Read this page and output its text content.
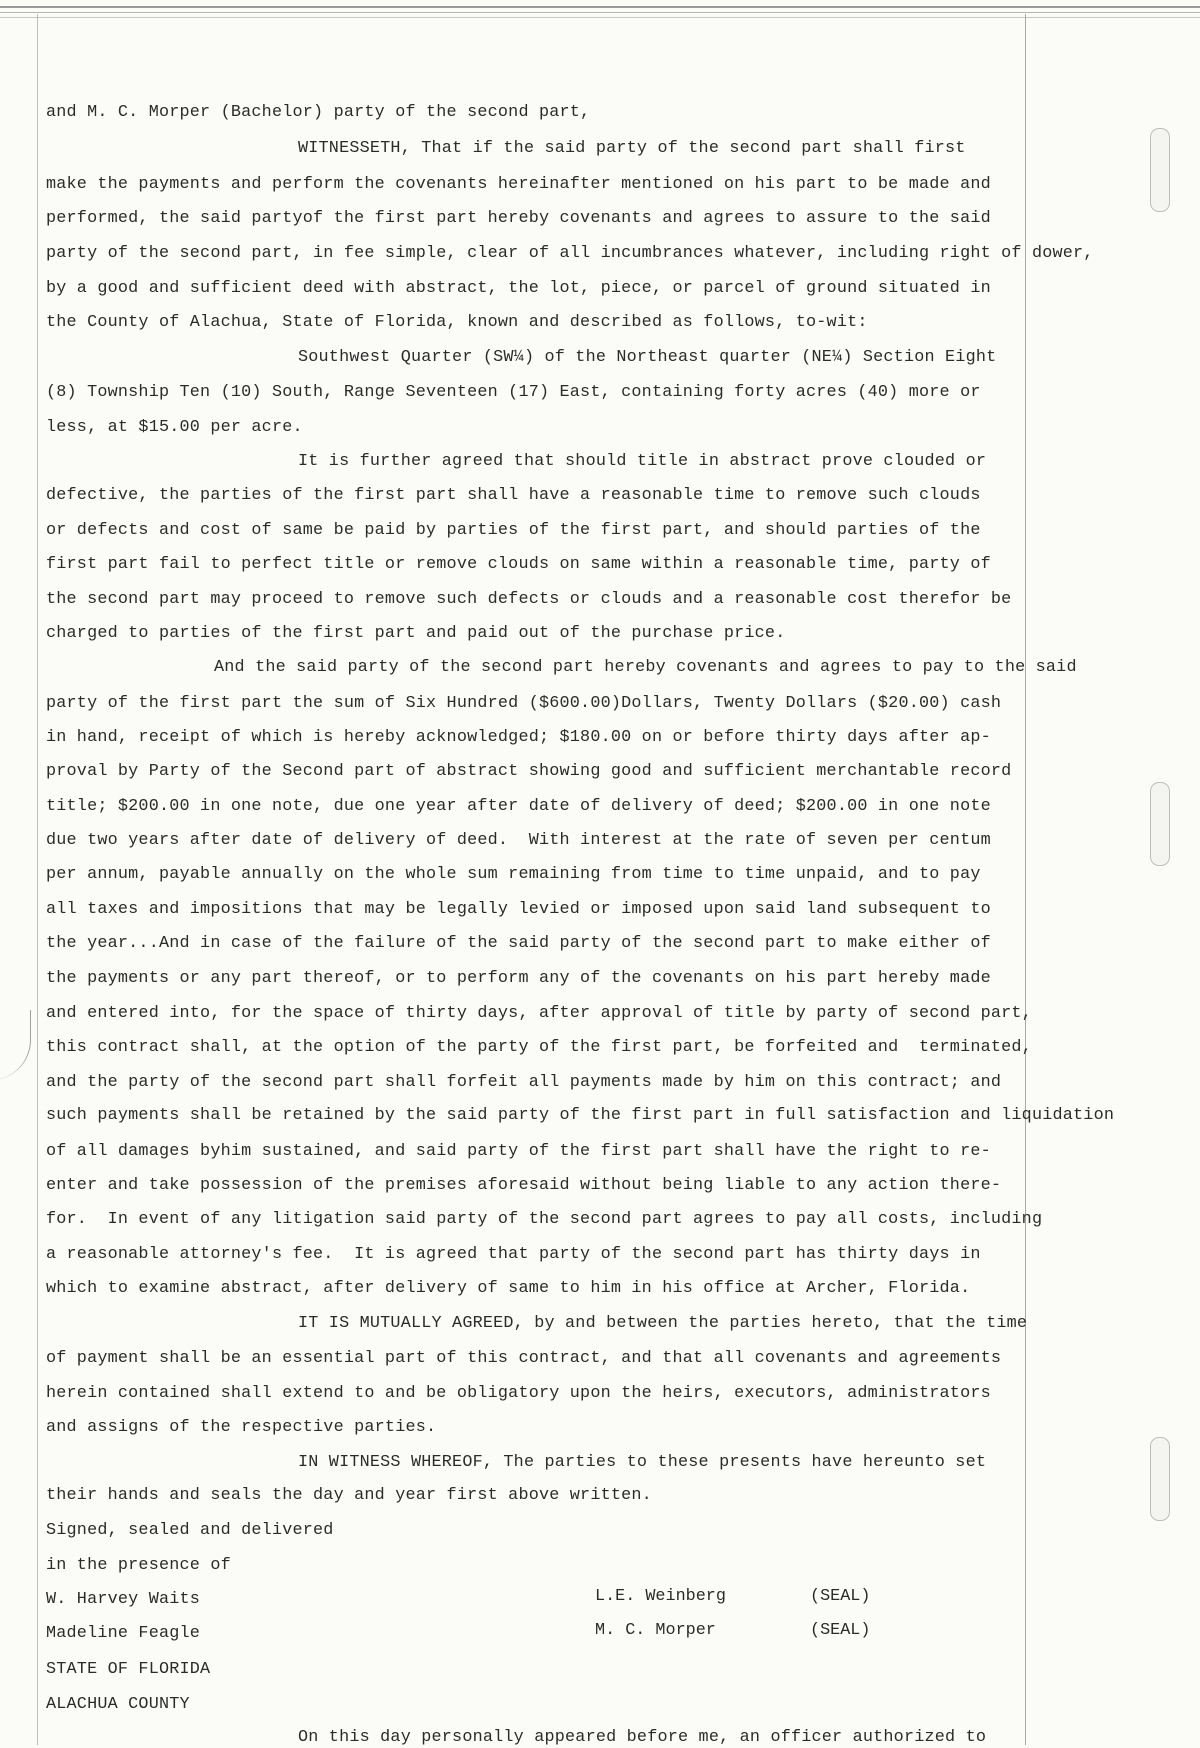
and M. C. Morper (Bachelor) party of the second part,
WITNESSETH, That if the said party of the second part shall first
make the payments and perform the covenants hereinafter mentioned on his part to be made and
performed, the said partyof the first part hereby covenants and agrees to assure to the said
party of the second part, in fee simple, clear of all incumbrances whatever, including right of dower,
by a good and sufficient deed with abstract, the lot, piece, or parcel of ground situated in
the County of Alachua, State of Florida, known and described as follows, to-wit:
Southwest Quarter (SW¼) of the Northeast quarter (NE¼) Section Eight
(8) Township Ten (10) South, Range Seventeen (17) East, containing forty acres (40) more or
less, at $15.00 per acre.
It is further agreed that should title in abstract prove clouded or
defective, the parties of the first part shall have a reasonable time to remove such clouds
or defects and cost of same be paid by parties of the first part, and should parties of the
first part fail to perfect title or remove clouds on same within a reasonable time, party of
the second part may proceed to remove such defects or clouds and a reasonable cost therefor be
charged to parties of the first part and paid out of the purchase price.
And the said party of the second part hereby covenants and agrees to pay to the said
party of the first part the sum of Six Hundred ($600.00)Dollars, Twenty Dollars ($20.00) cash
in hand, receipt of which is hereby acknowledged; $180.00 on or before thirty days after ap-
proval by Party of the Second part of abstract showing good and sufficient merchantable record
title; $200.00 in one note, due one year after date of delivery of deed; $200.00 in one note
due two years after date of delivery of deed.  With interest at the rate of seven per centum
per annum, payable annually on the whole sum remaining from time to time unpaid, and to pay
all taxes and impositions that may be legally levied or imposed upon said land subsequent to
the year...And in case of the failure of the said party of the second part to make either of
the payments or any part thereof, or to perform any of the covenants on his part hereby made
and entered into, for the space of thirty days, after approval of title by party of second part,
this contract shall, at the option of the party of the first part, be forfeited and  terminated,
and the party of the second part shall forfeit all payments made by him on this contract; and
such payments shall be retained by the said party of the first part in full satisfaction and liquidation
of all damages byhim sustained, and said party of the first part shall have the right to re-
enter and take possession of the premises aforesaid without being liable to any action there-
for.  In event of any litigation said party of the second part agrees to pay all costs, including
a reasonable attorney's fee.  It is agreed that party of the second part has thirty days in
which to examine abstract, after delivery of same to him in his office at Archer, Florida.
IT IS MUTUALLY AGREED, by and between the parties hereto, that the time
of payment shall be an essential part of this contract, and that all covenants and agreements
herein contained shall extend to and be obligatory upon the heirs, executors, administrators
and assigns of the respective parties.
IN WITNESS WHEREOF, The parties to these presents have hereunto set
their hands and seals the day and year first above written.
Signed, sealed and delivered
in the presence of
W. Harvey Waits
Madeline Feagle
STATE OF FLORIDA
ALACHUA COUNTY
On this day personally appeared before me, an officer authorized to
L.E. Weinberg	(SEAL)
M. C. Morper	(SEAL)
